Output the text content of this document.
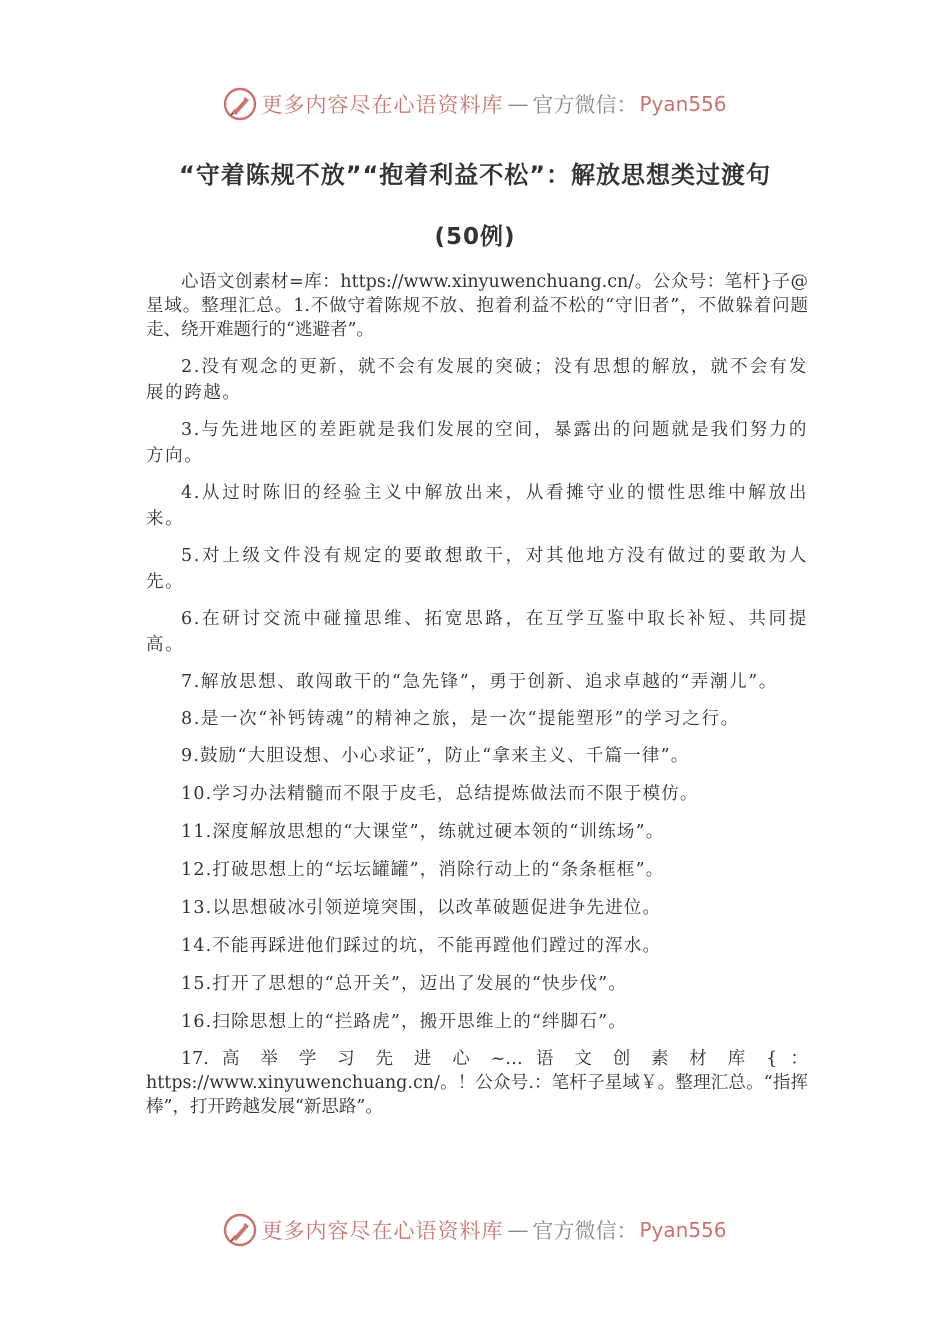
更多内容尽在心语资料库 — 官方微信： Pyan556
“守着陈规不放”“抱着利益不松”：解放思想类过渡句
(50例)

心语文创素材=库：https://www.xinyuwenchuang.cn/。公众号：笔杆}子@星域。整理汇总。1.不做守着陈规不放、抱着利益不松的“守旧者”，不做躲着问题走、绕开难题行的“逃避者”。

2.没有观念的更新，就不会有发展的突破；没有思想的解放，就不会有发展的跨越。

3.与先进地区的差距就是我们发展的空间，暴露出的问题就是我们努力的方向。

4.从过时陈旧的经验主义中解放出来，从看摊守业的惯性思维中解放出来。

5.对上级文件没有规定的要敢想敢干，对其他地方没有做过的要敢为人先。

6.在研讨交流中碰撞思维、拓宽思路，在互学互鉴中取长补短、共同提高。

7.解放思想、敢闯敢干的“急先锋”，勇于创新、追求卓越的“弄潮儿”。

8.是一次“补钙铸魂”的精神之旅，是一次“提能塑形”的学习之行。

9.鼓励“大胆设想、小心求证”，防止“拿来主义、千篇一律”。

10.学习办法精髓而不限于皮毛，总结提炼做法而不限于模仿。

11.深度解放思想的“大课堂”，练就过硬本领的“训练场”。

12.打破思想上的“坛坛罐罐”，消除行动上的“条条框框”。

13.以思想破冰引领逆境突围，以改革破题促进争先进位。

14.不能再踩进他们踩过的坑，不能再蹚他们蹚过的浑水。

15.打开了思想的“总开关”，迈出了发展的“快步伐”。

16.扫除思想上的“拦路虎”，搬开思维上的“绊脚石”。

17. 高 举 学 习 先 进 心 ~… 语 文 创 素 材 库 { ： https://www.xinyuwenchuang.cn/。！公众号.：笔杆子星域￥。整理汇总。“指挥棒”，打开跨越发展“新思路”。

更多内容尽在心语资料库 — 官方微信： Pyan556
